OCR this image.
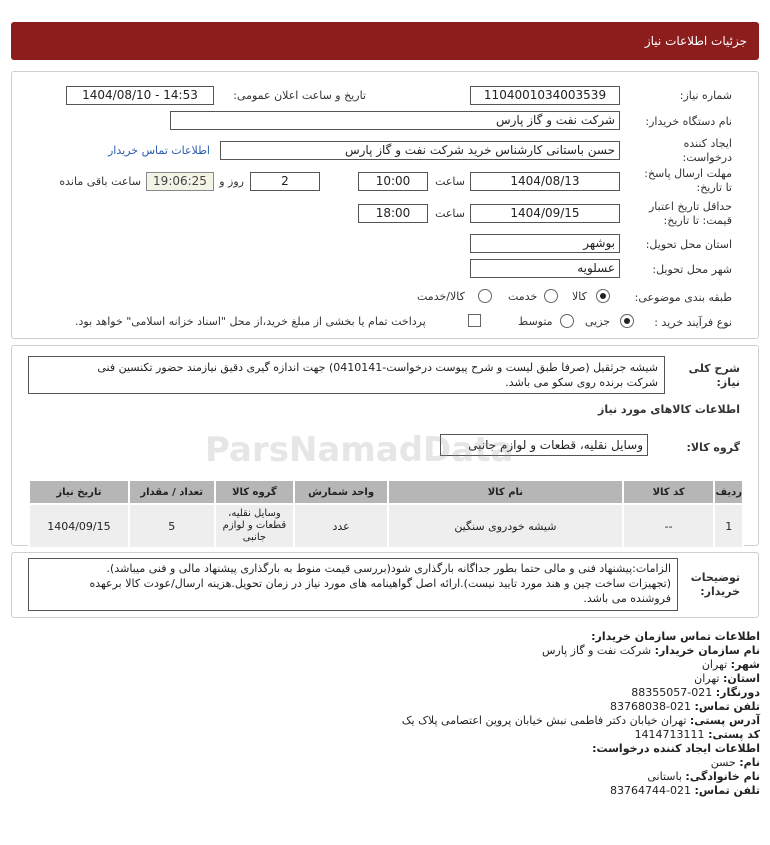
جزئیات اطلاعات نیاز
شماره نیاز:
1104001034003539
تاریخ و ساعت اعلان عمومی:
1404/08/10 - 14:53
نام دستگاه خریدار:
شرکت نفت و گاز پارس
ایجاد کننده
درخواست:
حسن باستانی کارشناس خرید شرکت نفت و گاز پارس
اطلاعات تماس خریدار
مهلت ارسال پاسخ:
تا تاریخ:
1404/08/13
ساعت
10:00
2
روز و
19:06:25
ساعت باقی مانده
حداقل تاریخ اعتبار
قیمت: تا تاریخ:
1404/09/15
ساعت
18:00
استان محل تحویل:
بوشهر
شهر محل تحویل:
عسلویه
طبقه بندی موضوعی:
کالا
خدمت
کالا/خدمت
نوع فرآیند خرید :
جزیی
متوسط
پرداخت تمام یا بخشی از مبلغ خرید،از محل "اسناد خزانه اسلامی" خواهد بود.
شرح کلی
نیاز:
شیشه جرثقیل (صرفا طبق لیست و شرح پیوست درخواست-0410141) جهت اندازه گیری دقیق نیازمند حضور تکنسین فنی
شرکت برنده روی سکو می باشد.
اطلاعات کالاهای مورد نیاز
گروه کالا:
وسایل نقلیه، قطعات و لوازم جانبی
ردیف	کد کالا	نام کالا	واحد شمارش	گروه کالا	تعداد / مقدار	تاریخ نیاز
1	--	شیشه خودروی سنگین	عدد	وسایل نقلیه،
قطعات و لوازم
جانبی	5	1404/09/15
توضیحات
خریدار:
الزامات:پیشنهاد فنی و مالی حتما بطور جداگانه بارگذاری شود(بررسی قیمت منوط به بارگذاری پیشنهاد مالی و فنی میباشد).
(تجهیزات ساخت چین و هند مورد تایید نیست).ارائه اصل گواهینامه های مورد نیاز در زمان تحویل.هزینه ارسال/عودت کالا برعهده
فروشنده می باشد.
اطلاعات تماس سازمان خریدار:
نام سازمان خریدار: شرکت نفت و گاز پارس
شهر: تهران
استان: تهران
دورنگار: 021-88355057
تلفن تماس: 021-83768038
آدرس پستی: تهران خیابان دکتر فاطمی نبش خیابان پروین اعتصامی پلاک یک
کد پستی: 1414713111
اطلاعات ایجاد کننده درخواست:
نام: حسن
نام خانوادگی: باستانی
تلفن تماس: 021-83764744
ParsNamadData
